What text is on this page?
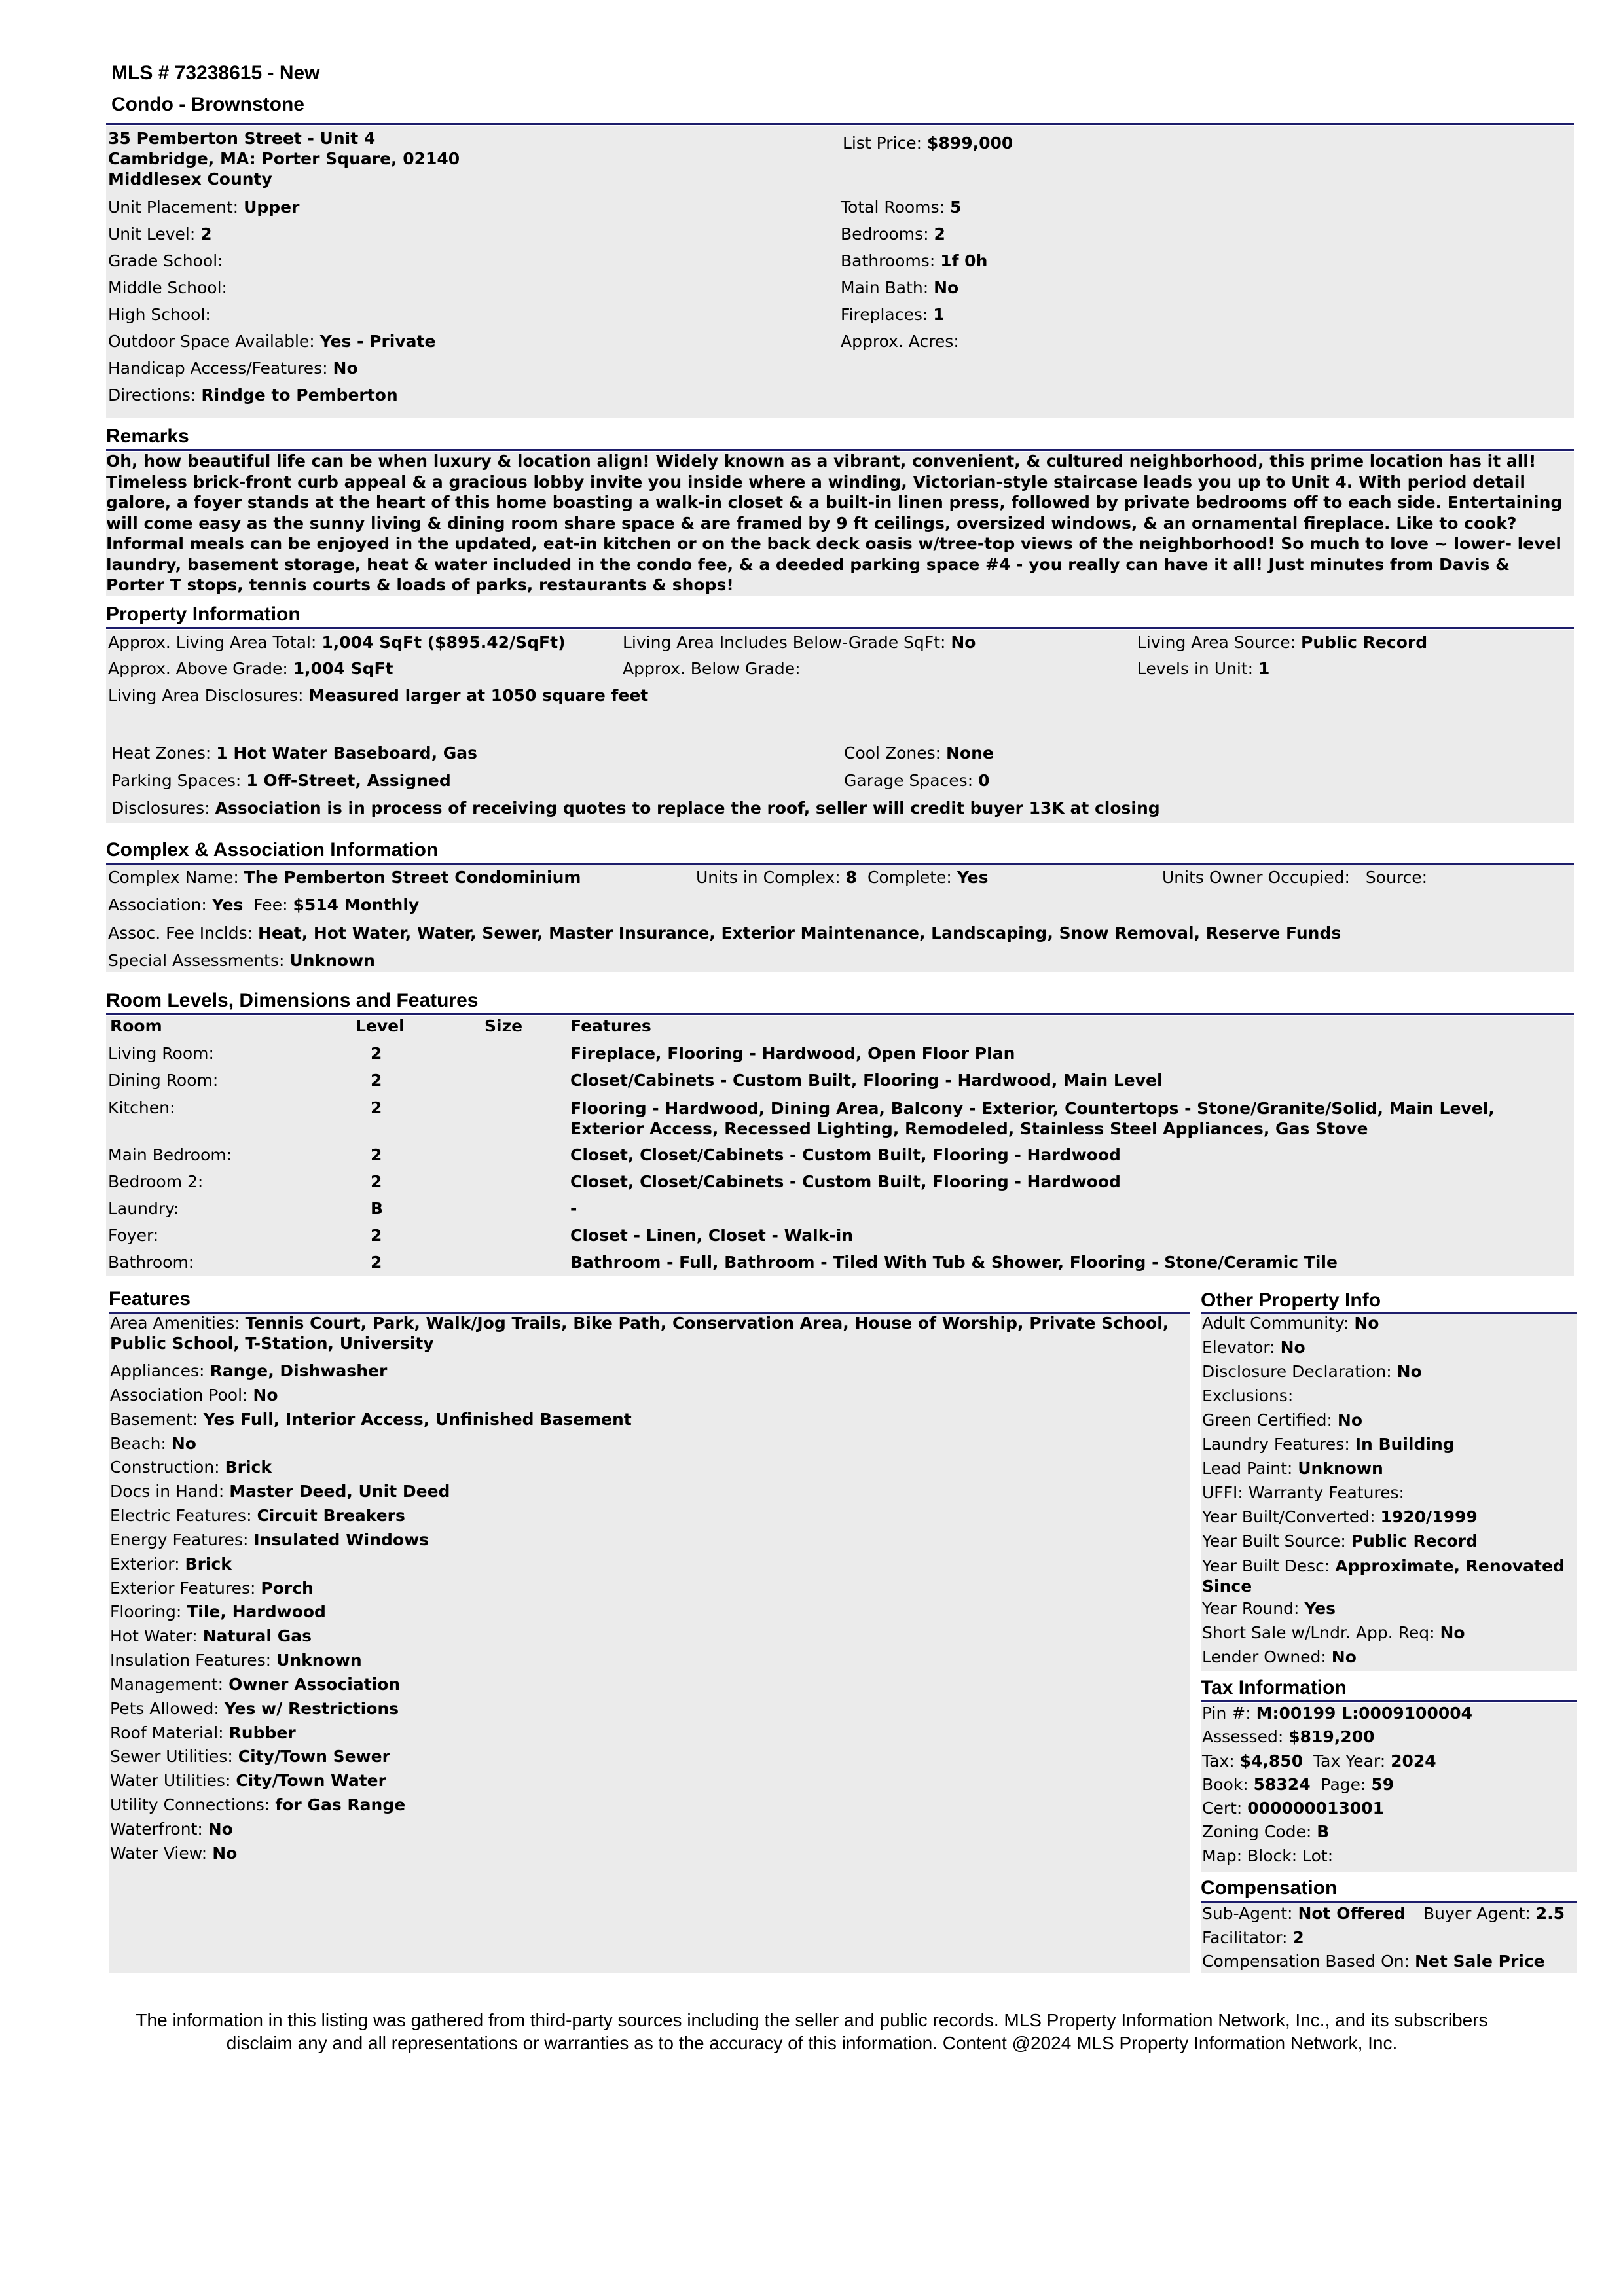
MLS # 73238615 - New
Condo - Brownstone
35 Pemberton Street - Unit 4
Cambridge, MA: Porter Square, 02140
Middlesex County
List Price: $899,000
Unit Placement: Upper
Unit Level: 2
Grade School:
Middle School:
High School:
Outdoor Space Available: Yes - Private
Handicap Access/Features: No
Directions: Rindge to Pemberton
Total Rooms: 5
Bedrooms: 2
Bathrooms: 1f 0h
Main Bath: No
Fireplaces: 1
Approx. Acres:
Remarks
Oh, how beautiful life can be when luxury & location align! Widely known as a vibrant, convenient, & cultured neighborhood, this prime location has it all! Timeless brick-front curb appeal & a gracious lobby invite you inside where a winding, Victorian-style staircase leads you up to Unit 4. With period detail galore, a foyer stands at the heart of this home boasting a walk-in closet & a built-in linen press, followed by private bedrooms off to each side. Entertaining will come easy as the sunny living & dining room share space & are framed by 9 ft ceilings, oversized windows, & an ornamental fireplace. Like to cook? Informal meals can be enjoyed in the updated, eat-in kitchen or on the back deck oasis w/tree-top views of the neighborhood! So much to love ~ lower- level laundry, basement storage, heat & water included in the condo fee, & a deeded parking space #4 - you really can have it all! Just minutes from Davis & Porter T stops, tennis courts & loads of parks, restaurants & shops!
Property Information
Approx. Living Area Total: 1,004 SqFt ($895.42/SqFt)	Living Area Includes Below-Grade SqFt: No	Living Area Source: Public Record
Approx. Above Grade: 1,004 SqFt	Approx. Below Grade:	Levels in Unit: 1
Living Area Disclosures: Measured larger at 1050 square feet
Heat Zones: 1 Hot Water Baseboard, Gas	Cool Zones: None
Parking Spaces: 1 Off-Street, Assigned	Garage Spaces: 0
Disclosures: Association is in process of receiving quotes to replace the roof, seller will credit buyer 13K at closing
Complex & Association Information
Complex Name: The Pemberton Street Condominium	Units in Complex: 8 Complete: Yes	Units Owner Occupied: Source:
Association: Yes Fee: $514 Monthly
Assoc. Fee Inclds: Heat, Hot Water, Water, Sewer, Master Insurance, Exterior Maintenance, Landscaping, Snow Removal, Reserve Funds
Special Assessments: Unknown
Room Levels, Dimensions and Features
Room	Level	Size	Features
Living Room:	2	Fireplace, Flooring - Hardwood, Open Floor Plan
Dining Room:	2	Closet/Cabinets - Custom Built, Flooring - Hardwood, Main Level
Kitchen:	2	Flooring - Hardwood, Dining Area, Balcony - Exterior, Countertops - Stone/Granite/Solid, Main Level, Exterior Access, Recessed Lighting, Remodeled, Stainless Steel Appliances, Gas Stove
Main Bedroom:	2	Closet, Closet/Cabinets - Custom Built, Flooring - Hardwood
Bedroom 2:	2	Closet, Closet/Cabinets - Custom Built, Flooring - Hardwood
Laundry:	B	-
Foyer:	2	Closet - Linen, Closet - Walk-in
Bathroom:	2	Bathroom - Full, Bathroom - Tiled With Tub & Shower, Flooring - Stone/Ceramic Tile
Features
Area Amenities: Tennis Court, Park, Walk/Jog Trails, Bike Path, Conservation Area, House of Worship, Private School, Public School, T-Station, University
Appliances: Range, Dishwasher
Association Pool: No
Basement: Yes Full, Interior Access, Unfinished Basement
Beach: No
Construction: Brick
Docs in Hand: Master Deed, Unit Deed
Electric Features: Circuit Breakers
Energy Features: Insulated Windows
Exterior: Brick
Exterior Features: Porch
Flooring: Tile, Hardwood
Hot Water: Natural Gas
Insulation Features: Unknown
Management: Owner Association
Pets Allowed: Yes w/ Restrictions
Roof Material: Rubber
Sewer Utilities: City/Town Sewer
Water Utilities: City/Town Water
Utility Connections: for Gas Range
Waterfront: No
Water View: No
Other Property Info
Adult Community: No
Elevator: No
Disclosure Declaration: No
Exclusions:
Green Certified: No
Laundry Features: In Building
Lead Paint: Unknown
UFFI: Warranty Features:
Year Built/Converted: 1920/1999
Year Built Source: Public Record
Year Built Desc: Approximate, Renovated Since
Year Round: Yes
Short Sale w/Lndr. App. Req: No
Lender Owned: No
Tax Information
Pin #: M:00199 L:0009100004
Assessed: $819,200
Tax: $4,850 Tax Year: 2024
Book: 58324 Page: 59
Cert: 000000013001
Zoning Code: B
Map: Block: Lot:
Compensation
Sub-Agent: Not Offered Buyer Agent: 2.5
Facilitator: 2
Compensation Based On: Net Sale Price
The information in this listing was gathered from third-party sources including the seller and public records. MLS Property Information Network, Inc., and its subscribers
disclaim any and all representations or warranties as to the accuracy of this information. Content @2024 MLS Property Information Network, Inc.
